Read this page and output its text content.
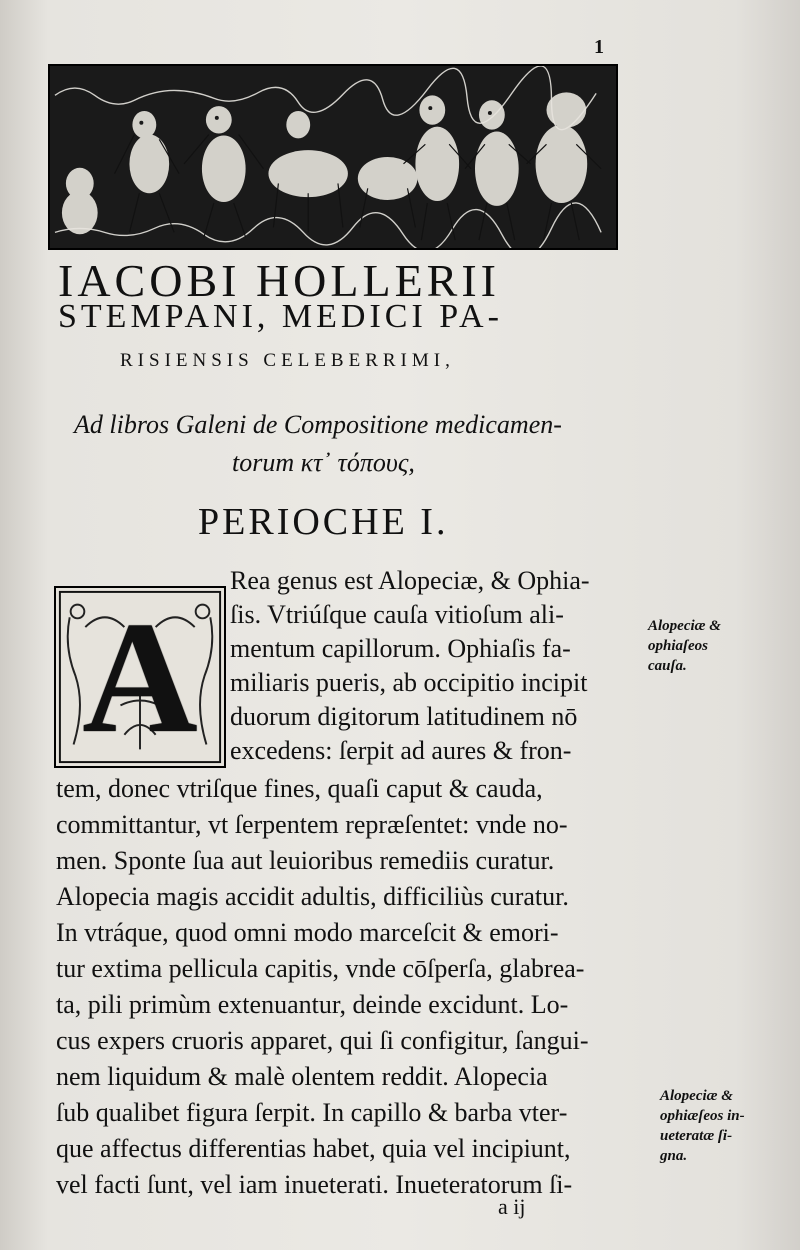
1
IACOBI HOLLERII
STEMPANI, MEDICI PA-
RISIENSIS CELEBERRIMI,
Ad libros Galeni de Compositione medicamen-
torum κτ᾿ τόπους,
PERIOCHE I.
A
Rea genus est Alopeciæ, & Ophia-
ſis. Vtriúſque cauſa vitioſum ali-
mentum capillorum. Ophiaſis fa-
miliaris pueris, ab occipitio incipit
duorum digitorum latitudinem nō
excedens: ſerpit ad aures & fron-
tem, donec vtriſque fines, quaſi caput & cauda,
committantur, vt ſerpentem repræſentet: vnde no-
men. Sponte ſua aut leuioribus remediis curatur.
Alopecia magis accidit adultis, difficiliùs curatur.
In vtráque, quod omni modo marceſcit & emori-
tur extima pellicula capitis, vnde cōſperſa, glabrea-
ta, pili primùm extenuantur, deinde excidunt. Lo-
cus expers cruoris apparet, qui ſi configitur, ſangui-
nem liquidum & malè olentem reddit. Alopecia
ſub qualibet figura ſerpit. In capillo & barba vter-
que affectus differentias habet, quia vel incipiunt,
vel facti ſunt, vel iam inueterati. Inueteratorum ſi-
Alopeciæ &
ophiaſeos
cauſa.
Alopeciæ &
ophiæſeos in-
ueteratæ ſi-
gna.
a ij
